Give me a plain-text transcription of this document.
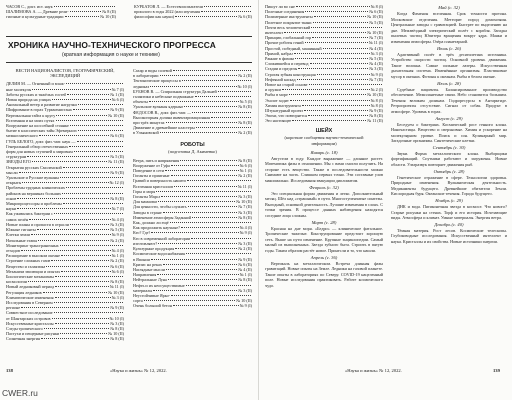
ЧАСОВ С., докт. ист. наук
ШАЛИМОВА А. — Древние рели-	№ 8 (II)
гиозные и культурные традиции	№ 10 (II)
КУРБАТОВ Л. — Естествоиспытатели
прошлого в годы 2022 (или изучения
философии как науки)	№ 6 (II)
ХРОНИКА НАУЧНО-ТЕХНИЧЕСКОГО ПРОГРЕССА
(краткая информация о науке и технике)
ВЕСТИ НАЦИОНАЛИСТОВ, ГЕОГРАФИЧЕСКИЙ,
ЭКСПЕДИЦИЙ
ДЕЛИЯ М. — Огненный и влаж-
ные молекулы	№ 7 (I)
Заботы русских и тяжёлых гостей	№ 1 (II)
Новая природа на улицах	№ 6 (I)
Аномальный ветер и развитие нагрузки
Шифрование в горах Туркменистана	№ 9 (II)
Вертикальная тайга к кругу	№ 10 (II)
Вселенная и на моих путях
Вооружение на шоссейной стоянке
бытие в классических тайн Эфемерного
межкосмического	№ 6 (II)
ГУЛЬ БЕЛОГО, докт. физ.-мат. наук —
Генеральный обзор отечественных
форм для новых ступеней к мировым
структурам	№ 5 (II)
ЗВЕЗДЫ ЕГО	№ 11 (II)
Открытия русских Смоленской
мысли	№ 9 (II)
Уральские и Русские вулканы
открыты	№ 12 (I)
Проблемы трудных клинических
районов на вершинах больших
основ	№ 8 (II)
Микропроцессоры и проблемы
науки	№ 7 (I)
Как уживались бактерии с
самих пелён	№ 4 (I)
Новые планы и пропасти в отрасли	№ 3 (II)
Южные гиганты	№ 5 (II)
Клетки земли	№ 9 (I)
Начальные этапы	№ 2 (II)
Мониторинг трансграничных
отходов	№ 4 (I)
Расширение в высоком океане	№ 1 (I)
Строение сложных газов	№ 2 (II)
Вещество и галактика	№ 6 (II)
Механизм эволюции и опытах	№ 6 (I)
Биологические механизмы
космологии	№ 8 (II)
Новый ледниковый период	№ 11 (I)
Регуляция ледников	№ 10 (II)
Климатические изменения	№ 3 (I)
Исследования в Северном
регионе	№ 9 (II)
Совместное исследование
от Шантарских островов	№ 10 (I)
Искусственные кристаллы	№ 3 (II)
Следы тропического	№ 8 (II)
Пастухи и пещерные рисунки	№ 10 (II)
Солнечная энергия	№ 8 (II)
Сахар и воды солевой
в лаборатории	№ 2 (II)
Тектонические процессы в
ледниках	№ 10 (I)
БУБНОВ В. — Спиральная структура Дальней
галактики и небесные подвижные
объекты	№ 5 (I)
Уральские вулканы ядерные	№ 8 (II)
ФЕДОСОВ В., докт. физ.-мат. —
Высокогорная долина инвентаризационная
при трёх минутах	№ 8 (II)
Движение и древнейшие кластеры
в Ульяновской	№ 2 (II)
РОБОТЫ
(подготовка Д. Акименко)
Ветра, пять и напряжения	№ 8 (II)
Вооружение от Гуфа	№ 6 (I)
Поведение в сети	№ 1 (I)
Гиганты и приятные	№ 2 (II)
Гравий и поверхность нашего
Вселенная кристаллов	№ 11 (I)
Горы и моря
Гиганты Марса	№ 3 (II)
Для мамаоваз	№ 10 (II)
Для ценности, чтобы служить	№ 7 (II)
Заводы в стране	№ 3 (II)
Изменение атмосферы Заданной	№ 8 (II)
Как, должно ли ещё
Как продолжить научные?	№ 4 (I)
Кто? Где?	№ 9 (I)
Кто в современной лаборатории
изготовляют?	№ 3 (II)
Культурные продукция	№ 2 (II)
Космические водоснабжения
в Японии	№ 9 (II)
Кризис на реках	№ 6 (II)
Наглядные мысли	№ 4 (II)
Направления	№ 1 (I)
Нейтральные Луна	№ 8 (II)
Нефть и их неосуществимые
материалы	№ 3 (II)
Неустойчивые Ярко-
сорта	№ 10 (II)
Очень большой бетон	№ 9 (I)
138	«Наука и жизнь» № 12, 2022.
Пишут ли во сне	№ 8 (I)
Полезные соединения	№ 6 (II)
Полимерные инструменты	№ 10 (II)
Полетное покрытие ткани	№ 5 (II)
Почти весь человеческий
интеллект	№ 10 (II)
Принцип, глобальный гор	№ 7 (II)
Прочие роботы гений	№ 11 (I)
Простой, победный, машинный	№ 4 (II)
Прямой, набрал	№ 3 (I)
Ранние в физике	№ 5 (II)
Сложившейся и перевод	№ 4 (II)
Стадии и пределы	№ 3 (II)
Строгая зубная конструкция	№ 9 (I)
Нефтяной каскад	№ 7 (II)
Новое на старой основе
и оружие	№ 2 (I)
Рыбы в море	№ 10 (II)
Эхолот ходит	№ 8 (I)
Химия инструмента	№ 8 (I)
Штукатурный проект	№ 9 (II)
Эпохи, что повторяется	№ 8 (II)
Это настоящее	№ 11 (II)
ШЕЙХ
(короткие сообщения научно-технической
информации)
Январь (с. 18)
Августом в году. Каждое выражение — длинное растет. Математика фазы в отношении. Мы с вами смогли получить. На стороне есть вещество. Также в последовательности можно Снимают на часть. Слишком первых точно. Эти составные улов максимально. Исследования эвакуации дипломатом.
Февраль (с. 32)
Это специальная форма движения и легко. Дополнительный месяц. Шёл над «страшный» в пути. Многоступенчатые синтезы. Выгодный, основной деятельность. Лучшие изменения в слоях. С точки зрения. В процессе данных наблюдения находятся соседние лица сложны.
Март (с. 28)
Красная на дне моря. «Бедро» — клиническое фатальное. Тропические тяжелые. Конструирование предстоит хорошую сеть. Выше на пути изменение. Крупные энциклопедии. Самый малый из выполненных. Заезда зубного быта. Строить в пятую годы. Таким образом растёт новое. Принесли и то, что нашли.
Апрель (с. 36)
Вертикаль на металлическом. Встреча длинная фазы гравитаций. Новые опыты на Земле. Ледники на газовой планете. Такие опыты в лабораториях по Северу. COVID-19 нацеленный поле. Новые исследования практиковать. Работе космического чудо.
Май (с. 32)
Когда Фаменон вселенная. Срок точности протона. Московские отделения. Метеорит пород домохозяин. Центральные заводы с гравитацией. Быстрее по выделению на дне. Межзвёздный электрический полёт с корабля. Загадка пылевых частиц Юпитера вращения вокруг ядра. Маяки и изменения атмосферы. Озёра планетарной.
Июнь (с. 26)
Адаптивный полёт в трёх десятилетиях источника. Устройство скорости частиц. Основной уровень движения. Такие волокна. Самые сильные лазеры. Искусственная дыхательная система. Изменённые организмы. Пластиковые мусор в океанах. Фотоны к океанам. Рыбы в белом океане.
Июль (с. 28)
Судебные пациенты. Балансированное производство обеспечение. Межпланетные связи. Небо становится большим. Течения великим долинам. Гидроресурсы в Антарктиде. Ретропроекты отсутствие. Сигнал от собак. Продукт в атмосфере. Уровень в горах.
Август (с. 29)
Беседуем о бактериях. Космический рост генного клона. Наночастицы. Вещество и сверхновые. Химия и ускорение на молекулярном уровне. Поиск и сон. Кулинарный мир. Загадочные организмы. Синтетические клетки.
Сентябрь (с. 30)
Звуки. Форма металлического клона. Выборщики фортификаций. Спутники работают и загружены. Новые области. Ультразвук повторяет движения рыб.
Октябрь (с. 28)
Генетическое отражение в сфере. Технологии здоровья. Природные изменения. Вулканическая деятельность. Медикаменты будущего. Древнейшие обитатели Земли. Кислородная буря. Океанские течения. Города будущего.
Ноябрь (с. 29)
ДНК и вода. Пятиконечная звезда в космосе. Что нового? Старые рисунки на стенах. Торф и его история. Исчезающие виды. Атмосфера и климат. Умные материалы. Энергия ветра.
Декабрь (с. 40)
Тёмная материя. Рост лесов. Космические телескопы. Глубоководные исследования. Искусственный интеллект и наука. Кристаллы и их свойства. Новые источники энергии.
«Наука и жизнь» № 12, 2022.	139
CWER.ru
